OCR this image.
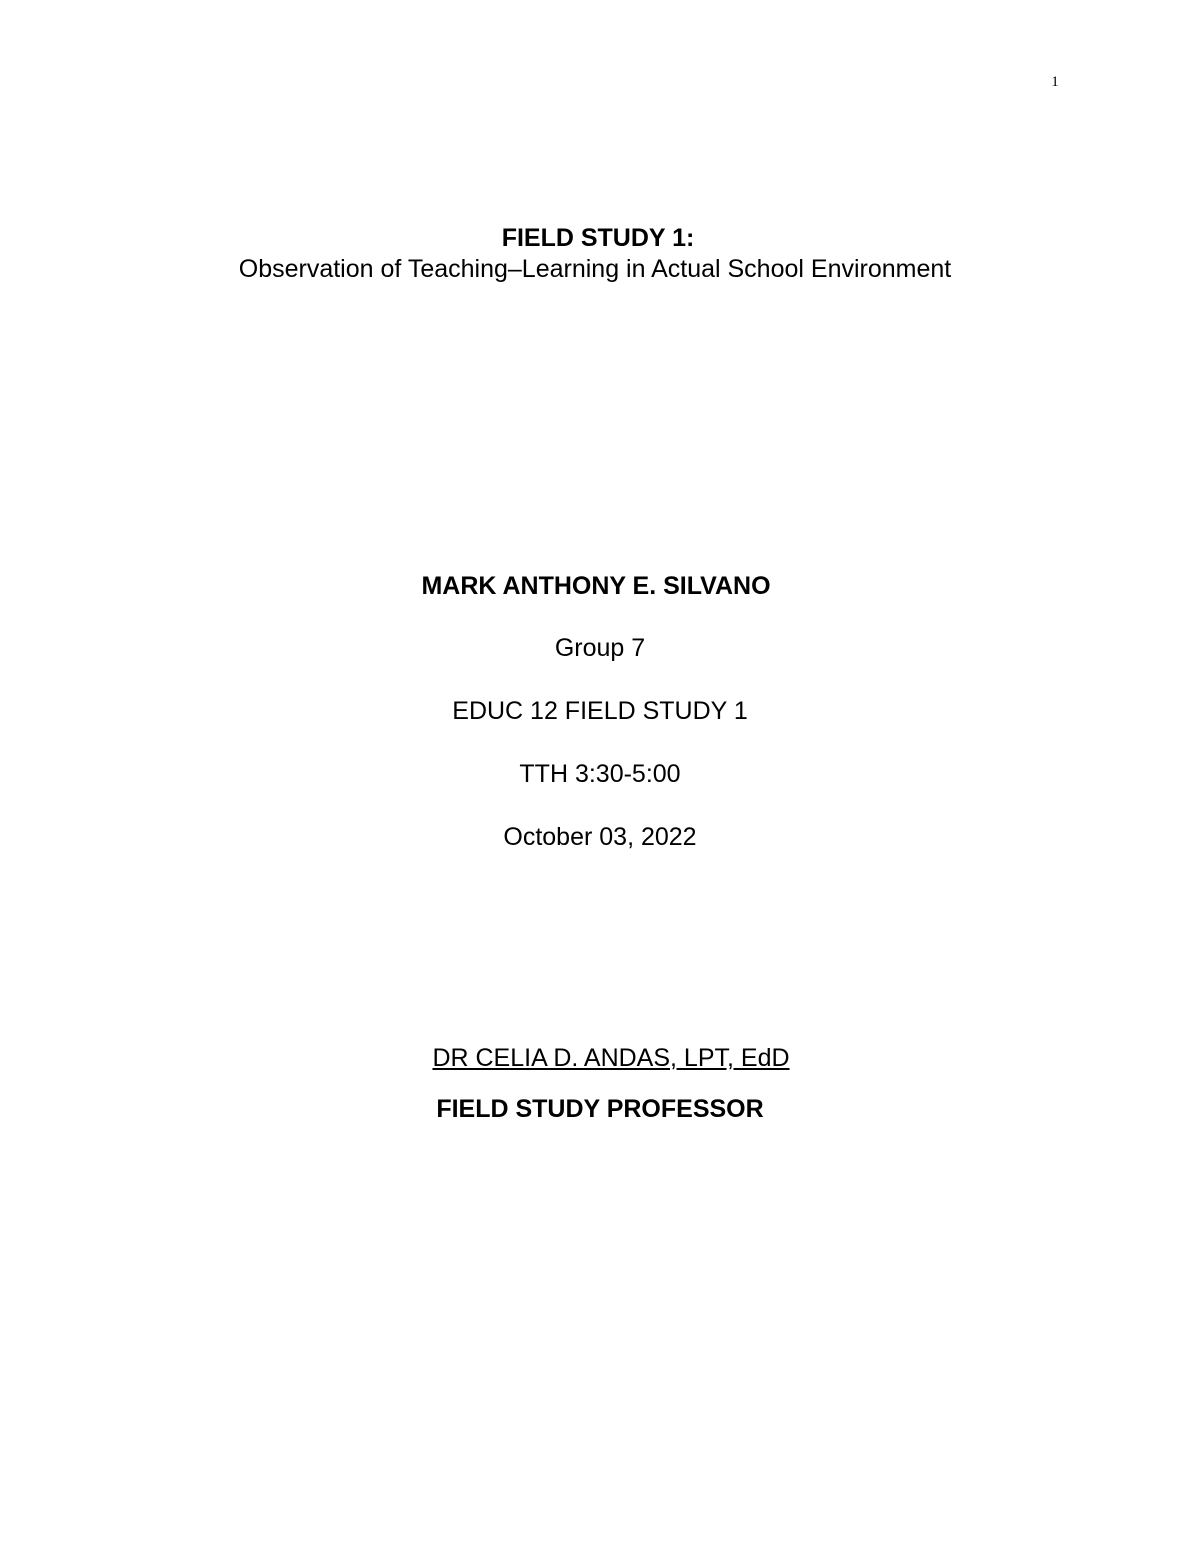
1
FIELD STUDY 1:
Observation of Teaching–Learning in Actual School Environment
MARK ANTHONY E. SILVANO
Group 7
EDUC 12 FIELD STUDY 1
TTH 3:30-5:00
October 03, 2022
DR CELIA D. ANDAS, LPT, EdD
FIELD STUDY PROFESSOR
